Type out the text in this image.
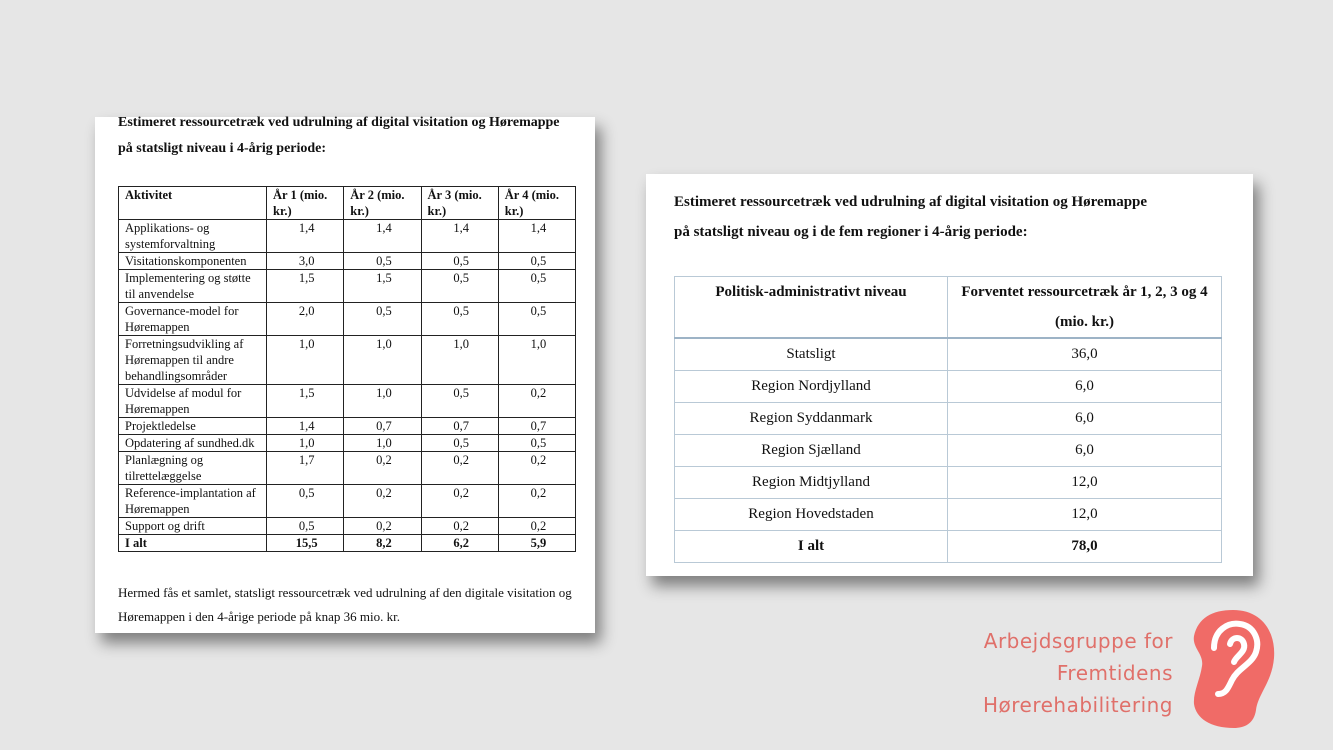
Estimeret ressourcetræk ved udrulning af digital visitation og Høremappe
på statsligt niveau i 4-årig periode:
Aktivitet	År 1 (mio. kr.)	År 2 (mio. kr.)	År 3 (mio. kr.)	År 4 (mio. kr.)
Applikations- og systemforvaltning	1,4	1,4	1,4	1,4
Visitationskomponenten	3,0	0,5	0,5	0,5
Implementering og støtte til anvendelse	1,5	1,5	0,5	0,5
Governance-model for Høremappen	2,0	0,5	0,5	0,5
Forretningsudvikling af Høremappen til andre behandlingsområder	1,0	1,0	1,0	1,0
Udvidelse af modul for Høremappen	1,5	1,0	0,5	0,2
Projektledelse	1,4	0,7	0,7	0,7
Opdatering af sundhed.dk	1,0	1,0	0,5	0,5
Planlægning og tilrettelæggelse	1,7	0,2	0,2	0,2
Reference-implantation af Høremappen	0,5	0,2	0,2	0,2
Support og drift	0,5	0,2	0,2	0,2
I alt	15,5	8,2	6,2	5,9
Hermed fås et samlet, statsligt ressourcetræk ved udrulning af den digitale visitation og Høremappen i den 4-årige periode på knap 36 mio. kr.
Estimeret ressourcetræk ved udrulning af digital visitation og Høremappe
på statsligt niveau og i de fem regioner i 4-årig periode:
Politisk-administrativt niveau	Forventet ressourcetræk år 1, 2, 3 og 4 (mio. kr.)
Statsligt	36,0
Region Nordjylland	6,0
Region Syddanmark	6,0
Region Sjælland	6,0
Region Midtjylland	12,0
Region Hovedstaden	12,0
I alt	78,0
Arbejdsgruppe for
Fremtidens
Hørerehabilitering
